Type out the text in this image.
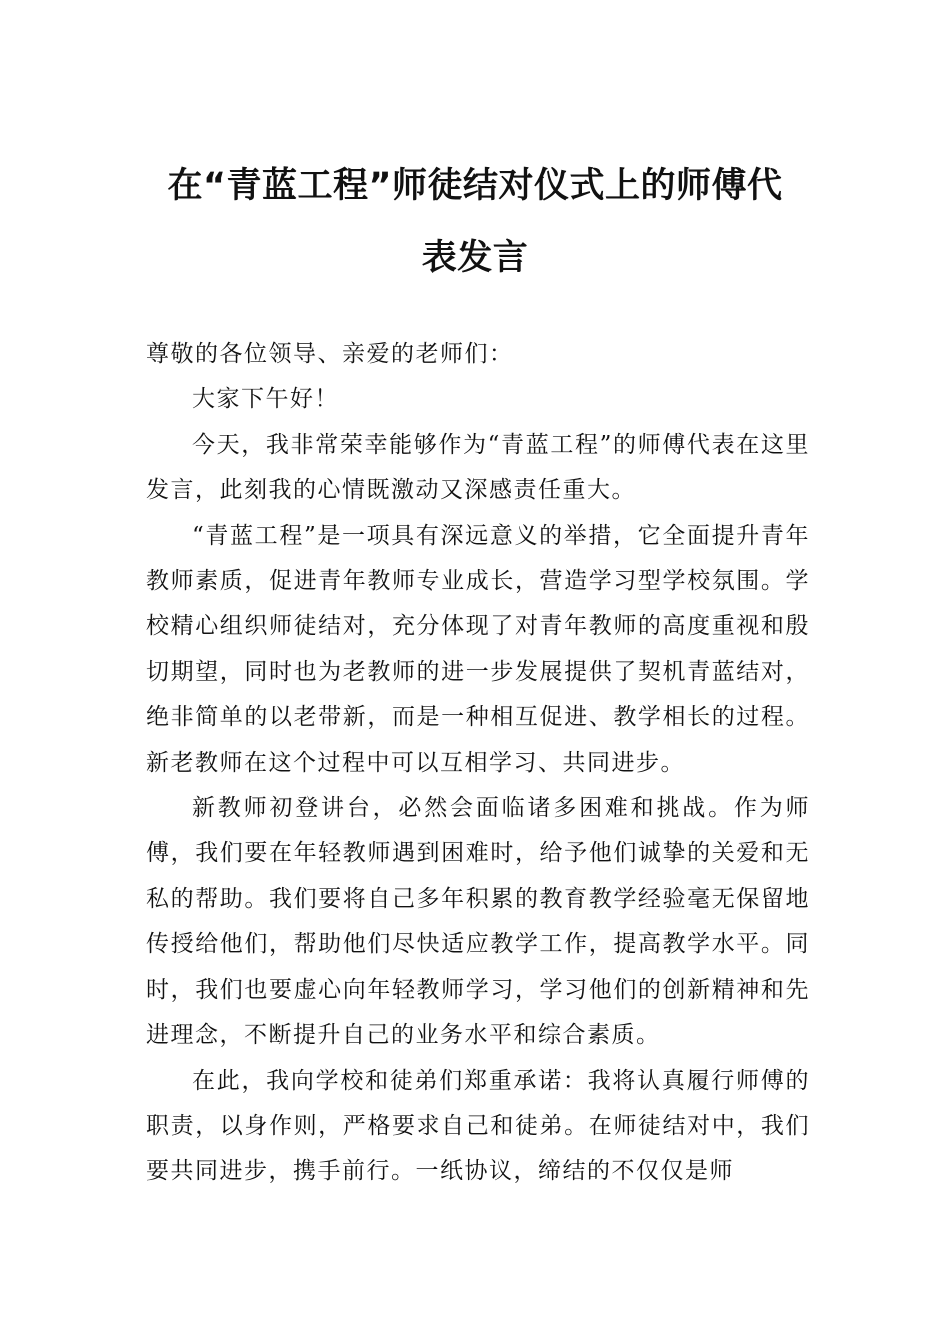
在“青蓝工程”师徒结对仪式上的师傅代
表发言

尊敬的各位领导、亲爱的老师们：

大家下午好！

今天，我非常荣幸能够作为“青蓝工程”的师傅代表在这里发言，此刻我的心情既激动又深感责任重大。

“青蓝工程”是一项具有深远意义的举措，它全面提升青年教师素质，促进青年教师专业成长，营造学习型学校氛围。学校精心组织师徒结对，充分体现了对青年教师的高度重视和殷切期望，同时也为老教师的进一步发展提供了契机青蓝结对，绝非简单的以老带新，而是一种相互促进、教学相长的过程。新老教师在这个过程中可以互相学习、共同进步。

新教师初登讲台，必然会面临诸多困难和挑战。作为师傅，我们要在年轻教师遇到困难时，给予他们诚挚的关爱和无私的帮助。我们要将自己多年积累的教育教学经验毫无保留地传授给他们，帮助他们尽快适应教学工作，提高教学水平。同时，我们也要虚心向年轻教师学习，学习他们的创新精神和先进理念，不断提升自己的业务水平和综合素质。

在此，我向学校和徒弟们郑重承诺：我将认真履行师傅的职责，以身作则，严格要求自己和徒弟。在师徒结对中，我们要共同进步，携手前行。一纸协议，缔结的不仅仅是师
